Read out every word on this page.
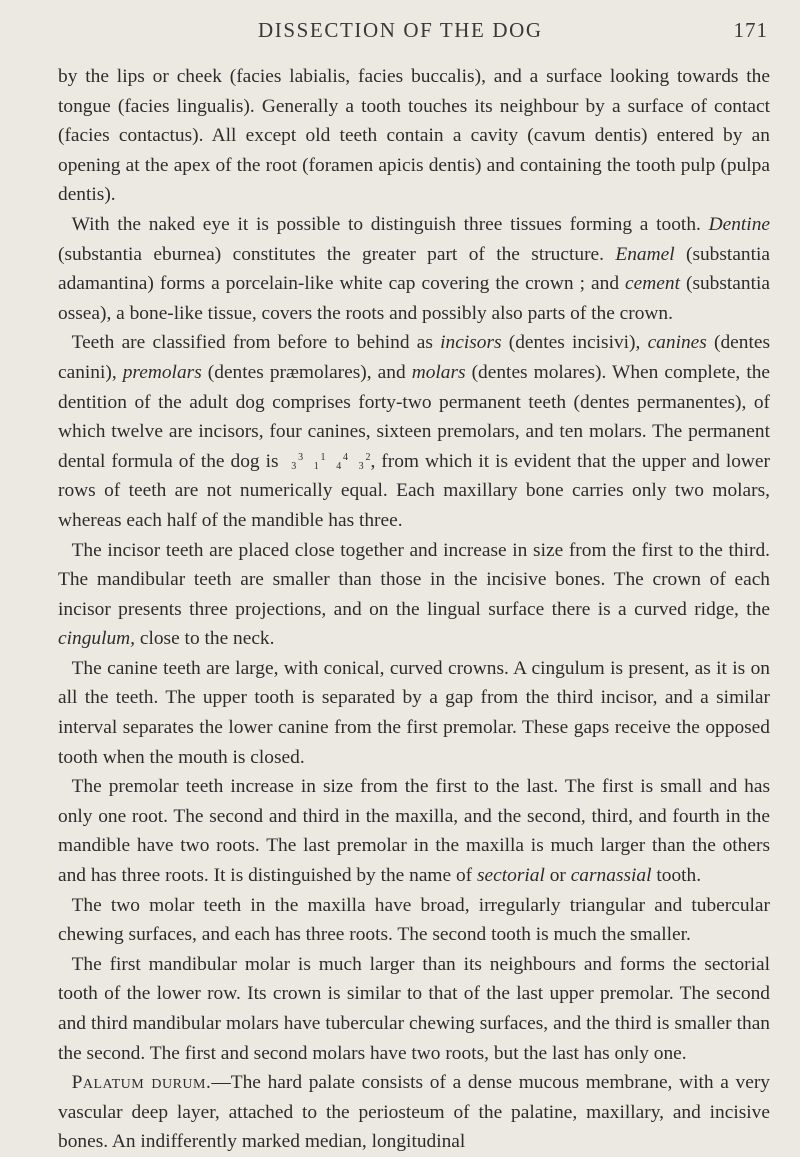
DISSECTION OF THE DOG	171

by the lips or cheek (facies labialis, facies buccalis), and a surface looking towards the tongue (facies lingualis). Generally a tooth touches its neighbour by a surface of contact (facies contactus). All except old teeth contain a cavity (cavum dentis) entered by an opening at the apex of the root (foramen apicis dentis) and containing the tooth pulp (pulpa dentis).

With the naked eye it is possible to distinguish three tissues forming a tooth. Dentine (substantia eburnea) constitutes the greater part of the structure. Enamel (substantia adamantina) forms a porcelain-like white cap covering the crown ; and cement (substantia ossea), a bone-like tissue, covers the roots and possibly also parts of the crown.

Teeth are classified from before to behind as incisors (dentes incisivi), canines (dentes canini), premolars (dentes præmolares), and molars (dentes molares). When complete, the dentition of the adult dog comprises forty-two permanent teeth (dentes permanentes), of which twelve are incisors, four canines, sixteen premolars, and ten molars. The permanent dental formula of the dog is 3
3 1
1 4
4 2
3 , from which it is evident that the upper and lower rows of teeth are not numerically equal. Each maxillary bone carries only two molars, whereas each half of the mandible has three.

The incisor teeth are placed close together and increase in size from the first to the third. The mandibular teeth are smaller than those in the incisive bones. The crown of each incisor presents three projections, and on the lingual surface there is a curved ridge, the cingulum, close to the neck.

The canine teeth are large, with conical, curved crowns. A cingulum is present, as it is on all the teeth. The upper tooth is separated by a gap from the third incisor, and a similar interval separates the lower canine from the first premolar. These gaps receive the opposed tooth when the mouth is closed.

The premolar teeth increase in size from the first to the last. The first is small and has only one root. The second and third in the maxilla, and the second, third, and fourth in the mandible have two roots. The last premolar in the maxilla is much larger than the others and has three roots. It is distinguished by the name of sectorial or carnassial tooth.

The two molar teeth in the maxilla have broad, irregularly triangular and tubercular chewing surfaces, and each has three roots. The second tooth is much the smaller.

The first mandibular molar is much larger than its neighbours and forms the sectorial tooth of the lower row. Its crown is similar to that of the last upper premolar. The second and third mandibular molars have tubercular chewing surfaces, and the third is smaller than the second. The first and second molars have two roots, but the last has only one.

Palatum durum.—The hard palate consists of a dense mucous membrane, with a very vascular deep layer, attached to the periosteum of the palatine, maxillary, and incisive bones. An indifferently marked median, longitudinal
